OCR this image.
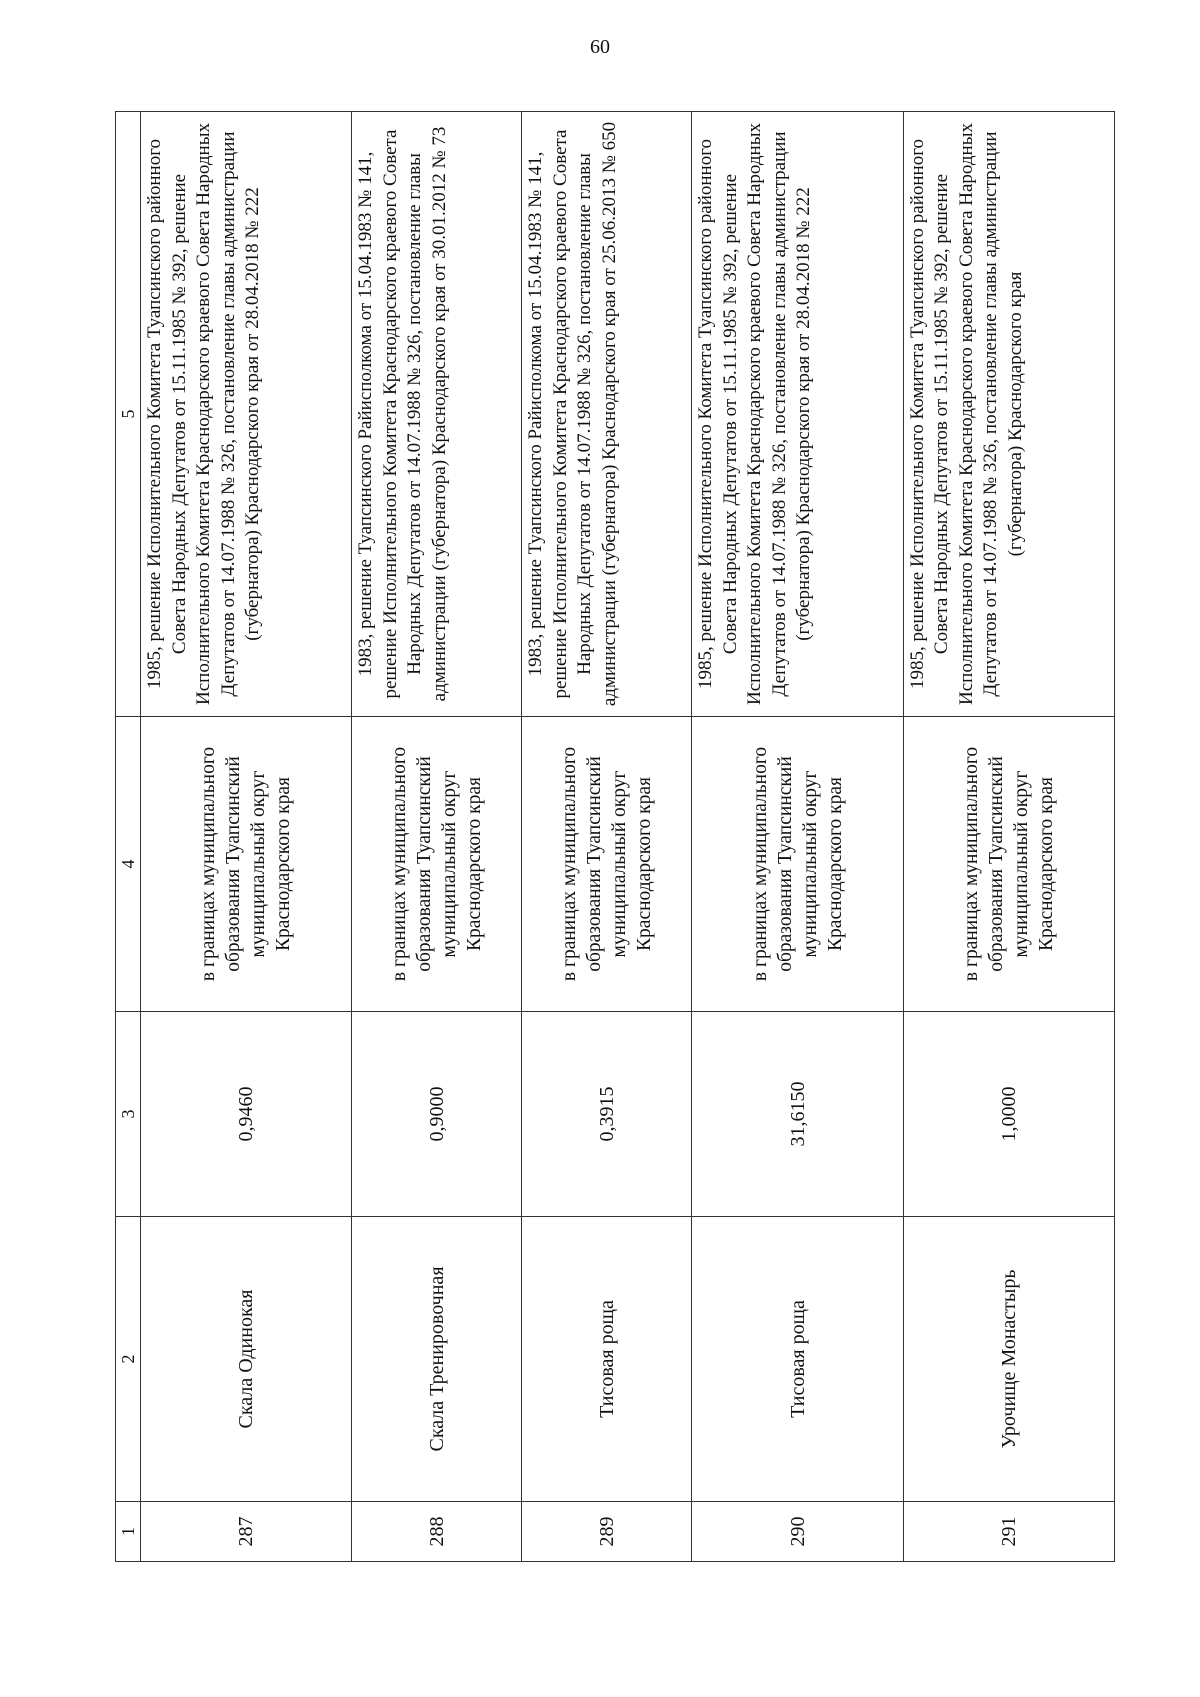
60
1	2	3	4	5
287	Скала Одинокая	0,9460	в границах муниципального образования Туапсинский муниципальный округ Краснодарского края	1985, решение Исполнительного Комитета Туапсинского районного Совета Народных Депутатов от 15.11.1985 № 392, решение Исполнительного Комитета Краснодарского краевого Совета Народных Депутатов от 14.07.1988 № 326, постановление главы администрации (губернатора) Краснодарского края от 28.04.2018 № 222
288	Скала Тренировочная	0,9000	в границах муниципального образования Туапсинский муниципальный округ Краснодарского края	1983, решение Туапсинского Райисполкома от 15.04.1983 № 141, решение Исполнительного Комитета Краснодарского краевого Совета Народных Депутатов от 14.07.1988 № 326, постановление главы администрации (губернатора) Краснодарского края от 30.01.2012 № 73
289	Тисовая роща	0,3915	в границах муниципального образования Туапсинский муниципальный округ Краснодарского края	1983, решение Туапсинского Райисполкома от 15.04.1983 № 141, решение Исполнительного Комитета Краснодарского краевого Совета Народных Депутатов от 14.07.1988 № 326, постановление главы администрации (губернатора) Краснодарского края от 25.06.2013 № 650
290	Тисовая роща	31,6150	в границах муниципального образования Туапсинский муниципальный округ Краснодарского края	1985, решение Исполнительного Комитета Туапсинского районного Совета Народных Депутатов от 15.11.1985 № 392, решение Исполнительного Комитета Краснодарского краевого Совета Народных Депутатов от 14.07.1988 № 326, постановление главы администрации (губернатора) Краснодарского края от 28.04.2018 № 222
291	Урочище Монастырь	1,0000	в границах муниципального образования Туапсинский муниципальный округ Краснодарского края	1985, решение Исполнительного Комитета Туапсинского районного Совета Народных Депутатов от 15.11.1985 № 392, решение Исполнительного Комитета Краснодарского краевого Совета Народных Депутатов от 14.07.1988 № 326, постановление главы администрации (губернатора) Краснодарского края
